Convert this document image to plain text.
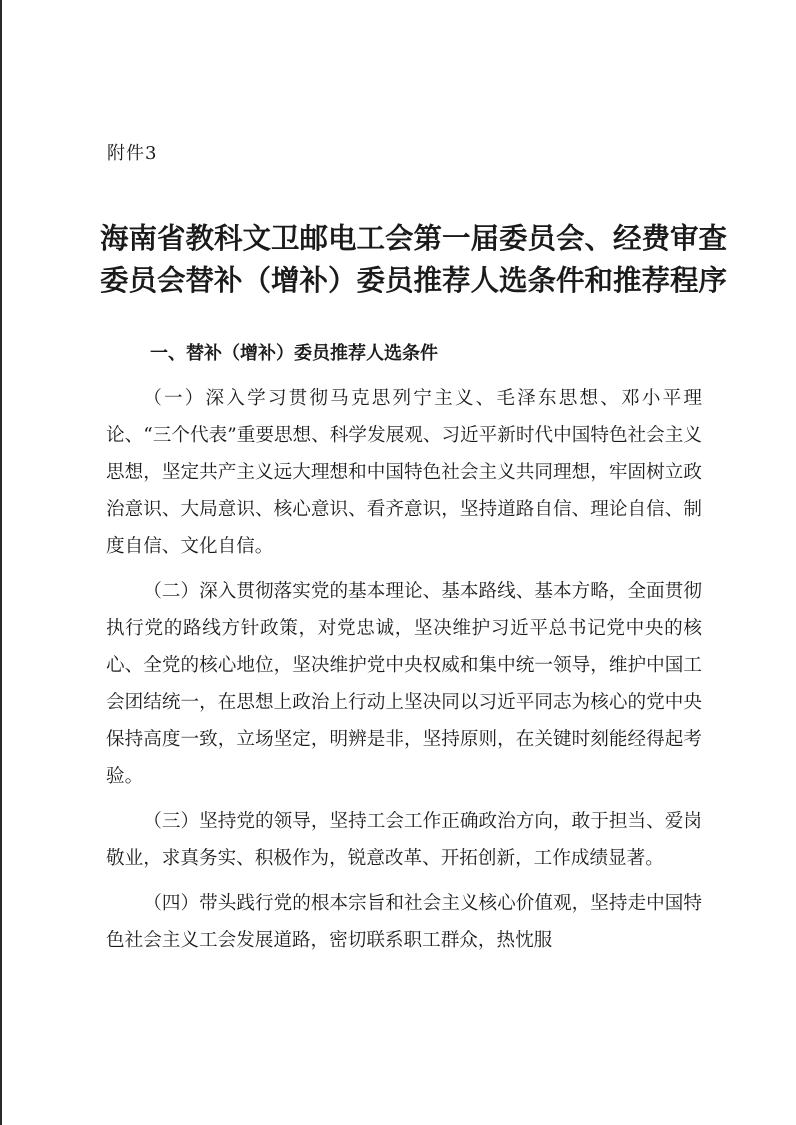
附件3
海南省教科文卫邮电工会第一届委员会、经费审查
委员会替补（增补）委员推荐人选条件和推荐程序
一、替补（增补）委员推荐人选条件

（一）深入学习贯彻马克思列宁主义、毛泽东思想、邓小平理论、“三个代表”重要思想、科学发展观、习近平新时代中国特色社会主义思想，坚定共产主义远大理想和中国特色社会主义共同理想，牢固树立政治意识、大局意识、核心意识、看齐意识，坚持道路自信、理论自信、制度自信、文化自信。

（二）深入贯彻落实党的基本理论、基本路线、基本方略，全面贯彻执行党的路线方针政策，对党忠诚，坚决维护习近平总书记党中央的核心、全党的核心地位，坚决维护党中央权威和集中统一领导，维护中国工会团结统一，在思想上政治上行动上坚决同以习近平同志为核心的党中央保持高度一致，立场坚定，明辨是非，坚持原则，在关键时刻能经得起考验。

（三）坚持党的领导，坚持工会工作正确政治方向，敢于担当、爱岗敬业，求真务实、积极作为，锐意改革、开拓创新，工作成绩显著。

（四）带头践行党的根本宗旨和社会主义核心价值观，坚持走中国特色社会主义工会发展道路，密切联系职工群众，热忱服
